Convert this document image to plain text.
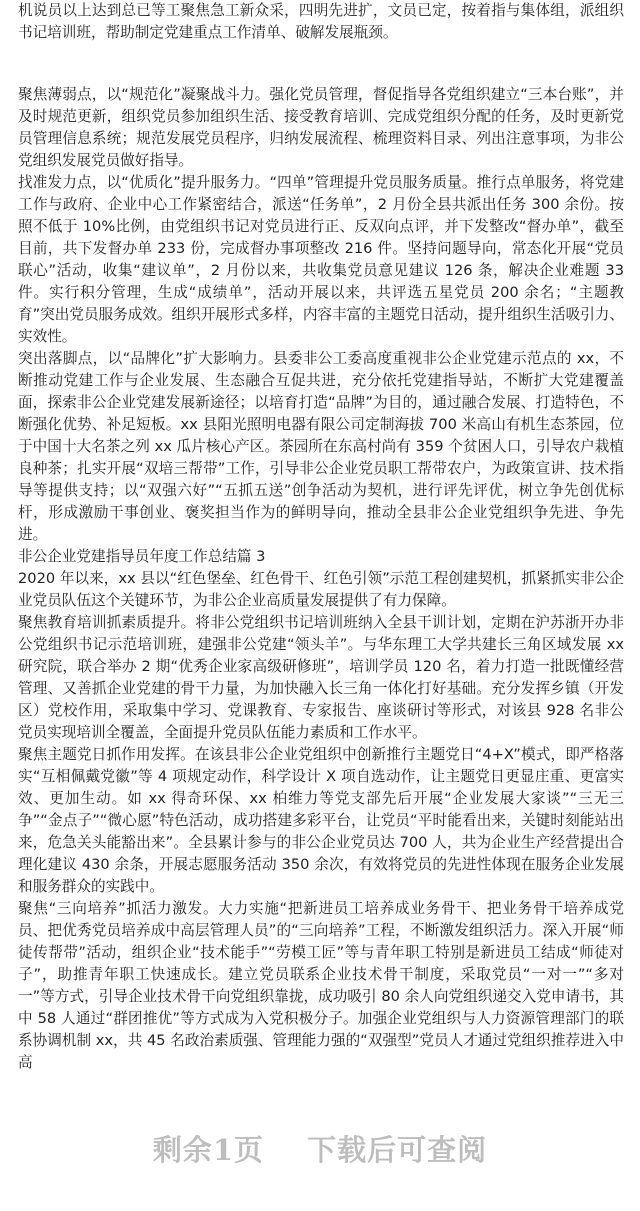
机说员以上达到总已等工聚焦急工新众采，四明先进扩，文员已定，按着指与集体组，派组织书记培训班，帮助制定党建重点工作清单、破解发展瓶颈。

聚焦薄弱点，以“规范化”凝聚战斗力。强化党员管理，督促指导各党组织建立“三本台账”，并及时规范更新，组织党员参加组织生活、接受教育培训、完成党组织分配的任务，及时更新党员管理信息系统；规范发展党员程序，归纳发展流程、梳理资料目录、列出注意事项，为非公党组织发展党员做好指导。

找准发力点，以“优质化”提升服务力。“四单”管理提升党员服务质量。推行点单服务，将党建工作与政府、企业中心工作紧密结合，派送“任务单”，2 月份全县共派出任务 300 余份。按照不低于 10%比例，由党组织书记对党员进行正、反双向点评，并下发整改“督办单”，截至目前，共下发督办单 233 份，完成督办事项整改 216 件。坚持问题导向，常态化开展“党员联心”活动，收集“建议单”，2 月份以来，共收集党员意见建议 126 条，解决企业难题 33 件。实行积分管理，生成“成绩单”，活动开展以来，共评选五星党员 200 余名；“主题教育”突出党员服务成效。组织开展形式多样，内容丰富的主题党日活动，提升组织生活吸引力、实效性。

突出落脚点，以“品牌化”扩大影响力。县委非公工委高度重视非公企业党建示范点的 xx，不断推动党建工作与企业发展、生态融合互促共进，充分依托党建指导站，不断扩大党建覆盖面，探索非公企业党建发展新途径；以培育打造“品牌”为目的，通过融合发展、打造特色，不断强化优势、补足短板。xx 县阳光照明电器有限公司定制海拔 700 米高山有机生态茶园，位于中国十大名茶之列 xx 瓜片核心产区。茶园所在东高村尚有 359 个贫困人口，引导农户栽植良种茶；扎实开展“双培三帮带”工作，引导非公企业党员职工帮带农户，为政策宣讲、技术指导等提供支持；以“双强六好”“五抓五送”创争活动为契机，进行评先评优，树立争先创优标杆，形成激励干事创业、褒奖担当作为的鲜明导向，推动全县非公企业党组织争先进、争先进。

非公企业党建指导员年度工作总结篇 3

2020 年以来，xx 县以“红色堡垒、红色骨干、红色引领”示范工程创建契机，抓紧抓实非公企业党员队伍这个关键环节，为非公企业高质量发展提供了有力保障。

聚焦教育培训抓素质提升。将非公党组织书记培训班纳入全县干训计划，定期在沪苏浙开办非公党组织书记示范培训班，建强非公党建“领头羊”。与华东理工大学共建长三角区域发展 xx 研究院，联合举办 2 期“优秀企业家高级研修班”，培训学员 120 名，着力打造一批既懂经营管理、又善抓企业党建的骨干力量，为加快融入长三角一体化打好基础。充分发挥乡镇（开发区）党校作用，采取集中学习、党课教育、专家报告、座谈研讨等形式，对该县 928 名非公党员实现培训全覆盖，全面提升党员队伍能力素质和工作水平。

聚焦主题党日抓作用发挥。在该县非公企业党组织中创新推行主题党日“4+X”模式，即严格落实“互相佩戴党徽”等 4 项规定动作，科学设计 X 项自选动作，让主题党日更显庄重、更富实效、更加生动。如 xx 得奇环保、xx 柏维力等党支部先后开展“企业发展大家谈”“三无三争”“金点子”“微心愿”特色活动，成功搭建多彩平台，让党员“平时能看出来，关键时刻能站出来，危急关头能豁出来”。全县累计参与的非公企业党员达 700 人，共为企业生产经营提出合理化建议 430 余条，开展志愿服务活动 350 余次，有效将党员的先进性体现在服务企业发展和服务群众的实践中。

聚焦“三向培养”抓活力激发。大力实施“把新进员工培养成业务骨干、把业务骨干培养成党员、把优秀党员培养成中高层管理人员”的“三向培养”工程，不断激发组织活力。深入开展“师徒传帮带”活动，组织企业“技术能手”“劳模工匠”等与青年职工特别是新进员工结成“师徒对子”，助推青年职工快速成长。建立党员联系企业技术骨干制度，采取党员“一对一”“多对一”等方式，引导企业技术骨干向党组织靠拢，成功吸引 80 余人向党组织递交入党申请书，其中 58 人通过“群团推优”等方式成为入党积极分子。加强企业党组织与人力资源管理部门的联系协调机制 xx，共 45 名政治素质强、管理能力强的“双强型”党员人才通过党组织推荐进入中高

剩余1页 下载后可查阅
